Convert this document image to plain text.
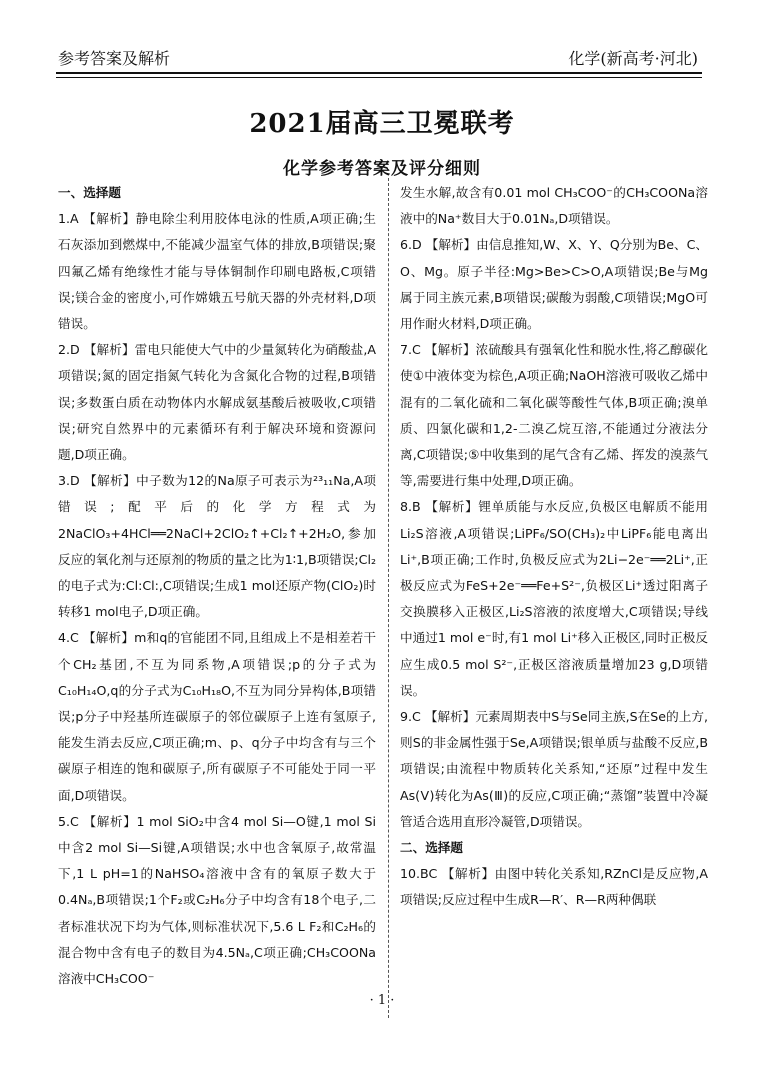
参考答案及解析	化学(新高考·河北)
2021届高三卫冕联考
化学参考答案及评分细则

一、选择题

1.A 【解析】静电除尘利用胶体电泳的性质,A项正确;生石灰添加到燃煤中,不能减少温室气体的排放,B项错误;聚四氟乙烯有绝缘性才能与导体铜制作印刷电路板,C项错误;镁合金的密度小,可作嫦娥五号航天器的外壳材料,D项错误。

2.D 【解析】雷电只能使大气中的少量氮转化为硝酸盐,A项错误;氮的固定指氮气转化为含氮化合物的过程,B项错误;多数蛋白质在动物体内水解成氨基酸后被吸收,C项错误;研究自然界中的元素循环有利于解决环境和资源问题,D项正确。

3.D 【解析】中子数为12的Na原子可表示为²³₁₁Na,A项错误;配平后的化学方程式为2NaClO₃+4HCl══2NaCl+2ClO₂↑+Cl₂↑+2H₂O,参加反应的氧化剂与还原剂的物质的量之比为1∶1,B项错误;Cl₂的电子式为:Cl:Cl:,C项错误;生成1 mol还原产物(ClO₂)时转移1 mol电子,D项正确。

4.C 【解析】m和q的官能团不同,且组成上不是相差若干个CH₂基团,不互为同系物,A项错误;p的分子式为C₁₀H₁₄O,q的分子式为C₁₀H₁₈O,不互为同分异构体,B项错误;p分子中羟基所连碳原子的邻位碳原子上连有氢原子,能发生消去反应,C项正确;m、p、q分子中均含有与三个碳原子相连的饱和碳原子,所有碳原子不可能处于同一平面,D项错误。

5.C 【解析】1 mol SiO₂中含4 mol Si—O键,1 mol Si中含2 mol Si—Si键,A项错误;水中也含氧原子,故常温下,1 L pH=1的NaHSO₄溶液中含有的氧原子数大于0.4Nₐ,B项错误;1个F₂或C₂H₆分子中均含有18个电子,二者标准状况下均为气体,则标准状况下,5.6 L F₂和C₂H₆的混合物中含有电子的数目为4.5Nₐ,C项正确;CH₃COONa溶液中CH₃COO⁻

发生水解,故含有0.01 mol CH₃COO⁻的CH₃COONa溶液中的Na⁺数目大于0.01Nₐ,D项错误。

6.D 【解析】由信息推知,W、X、Y、Q分别为Be、C、O、Mg。原子半径:Mg>Be>C>O,A项错误;Be与Mg属于同主族元素,B项错误;碳酸为弱酸,C项错误;MgO可用作耐火材料,D项正确。

7.C 【解析】浓硫酸具有强氧化性和脱水性,将乙醇碳化使①中液体变为棕色,A项正确;NaOH溶液可吸收乙烯中混有的二氧化硫和二氧化碳等酸性气体,B项正确;溴单质、四氯化碳和1,2-二溴乙烷互溶,不能通过分液法分离,C项错误;⑤中收集到的尾气含有乙烯、挥发的溴蒸气等,需要进行集中处理,D项正确。

8.B 【解析】锂单质能与水反应,负极区电解质不能用Li₂S溶液,A项错误;LiPF₆/SO(CH₃)₂中LiPF₆能电离出Li⁺,B项正确;工作时,负极反应式为2Li−2e⁻══2Li⁺,正极反应式为FeS+2e⁻══Fe+S²⁻,负极区Li⁺透过阳离子交换膜移入正极区,Li₂S溶液的浓度增大,C项错误;导线中通过1 mol e⁻时,有1 mol Li⁺移入正极区,同时正极反应生成0.5 mol S²⁻,正极区溶液质量增加23 g,D项错误。

9.C 【解析】元素周期表中S与Se同主族,S在Se的上方,则S的非金属性强于Se,A项错误;银单质与盐酸不反应,B项错误;由流程中物质转化关系知,“还原”过程中发生As(Ⅴ)转化为As(Ⅲ)的反应,C项正确;“蒸馏”装置中冷凝管适合选用直形冷凝管,D项错误。

二、选择题

10.BC 【解析】由图中转化关系知,RZnCl是反应物,A项错误;反应过程中生成R—R′、R—R两种偶联

· 1 ·
